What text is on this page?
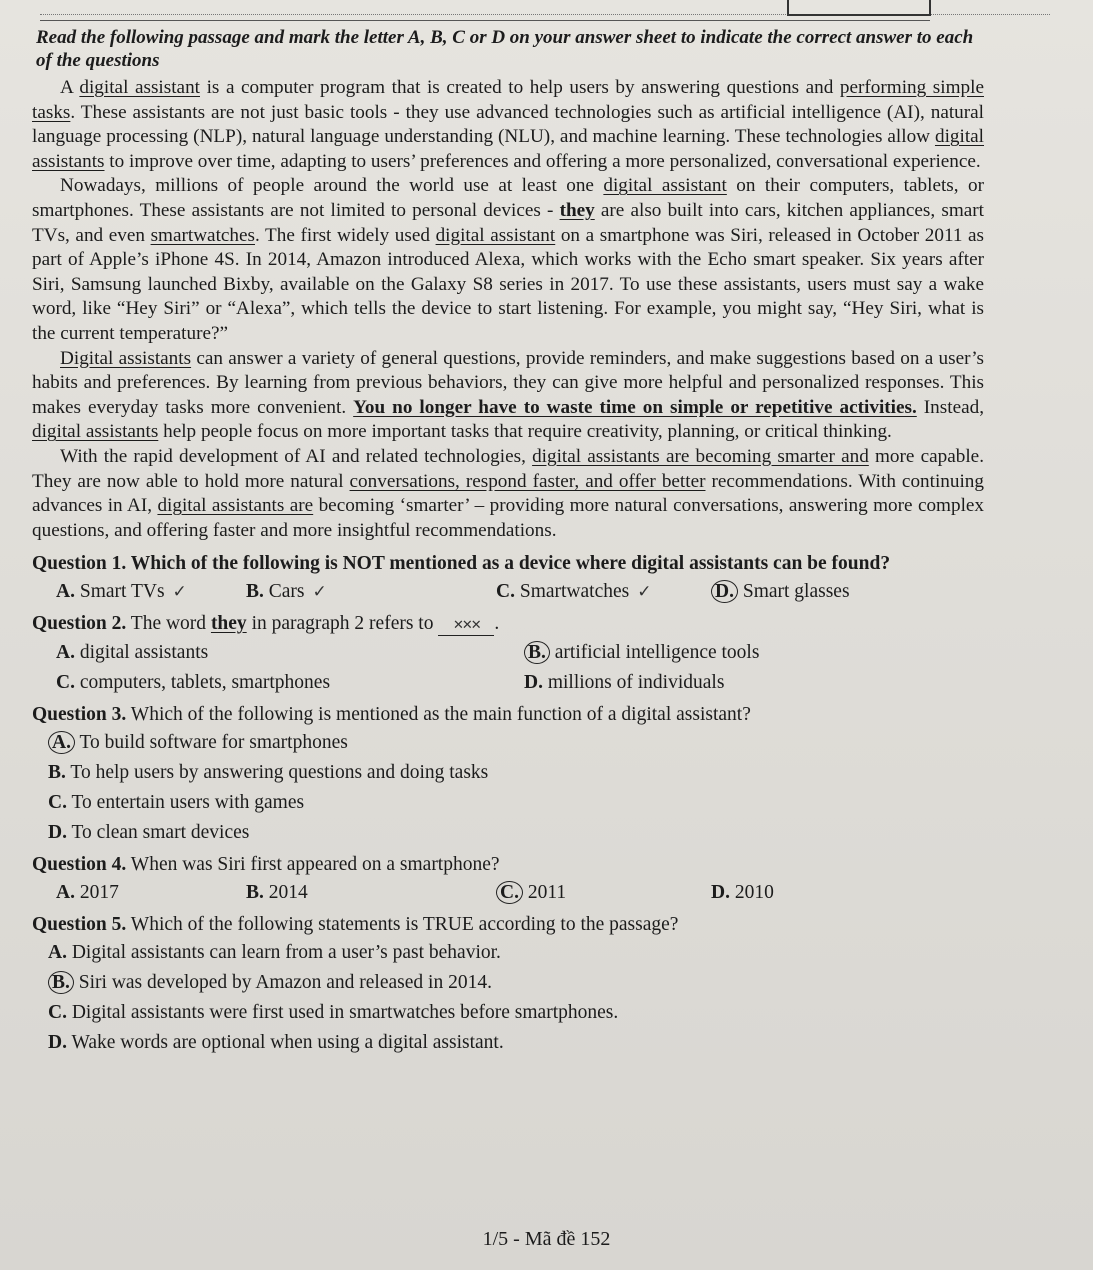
Read the following passage and mark the letter A, B, C or D on your answer sheet to indicate the correct answer to each of the questions

A digital assistant is a computer program that is created to help users by answering questions and performing simple tasks. These assistants are not just basic tools - they use advanced technologies such as artificial intelligence (AI), natural language processing (NLP), natural language understanding (NLU), and machine learning. These technologies allow digital assistants to improve over time, adapting to users’ preferences and offering a more personalized, conversational experience.

Nowadays, millions of people around the world use at least one digital assistant on their computers, tablets, or smartphones. These assistants are not limited to personal devices - they are also built into cars, kitchen appliances, smart TVs, and even smartwatches. The first widely used digital assistant on a smartphone was Siri, released in October 2011 as part of Apple’s iPhone 4S. In 2014, Amazon introduced Alexa, which works with the Echo smart speaker. Six years after Siri, Samsung launched Bixby, available on the Galaxy S8 series in 2017. To use these assistants, users must say a wake word, like “Hey Siri” or “Alexa”, which tells the device to start listening. For example, you might say, “Hey Siri, what is the current temperature?”

Digital assistants can answer a variety of general questions, provide reminders, and make suggestions based on a user’s habits and preferences. By learning from previous behaviors, they can give more helpful and personalized responses. This makes everyday tasks more convenient. You no longer have to waste time on simple or repetitive activities. Instead, digital assistants help people focus on more important tasks that require creativity, planning, or critical thinking.

With the rapid development of AI and related technologies, digital assistants are becoming smarter and more capable. They are now able to hold more natural conversations, respond faster, and offer better recommendations. With continuing advances in AI, digital assistants are becoming ‘smarter’ – providing more natural conversations, answering more complex questions, and offering faster and more insightful recommendations.

Question 1. Which of the following is NOT mentioned as a device where digital assistants can be found?
A. Smart TVs ✓	B. Cars ✓	C. Smartwatches ✓	D. Smart glasses
Question 2. The word they in paragraph 2 refers to ✕✕✕ .
A. digital assistants	B. artificial intelligence tools
C. computers, tablets, smartphones	D. millions of individuals
Question 3. Which of the following is mentioned as the main function of a digital assistant?
A. To build software for smartphones
B. To help users by answering questions and doing tasks
C. To entertain users with games
D. To clean smart devices
Question 4. When was Siri first appeared on a smartphone?
A. 2017	B. 2014	C. 2011	D. 2010
Question 5. Which of the following statements is TRUE according to the passage?
A. Digital assistants can learn from a user’s past behavior.
B. Siri was developed by Amazon and released in 2014.
C. Digital assistants were first used in smartwatches before smartphones.
D. Wake words are optional when using a digital assistant.
1/5 - Mã đề 152
